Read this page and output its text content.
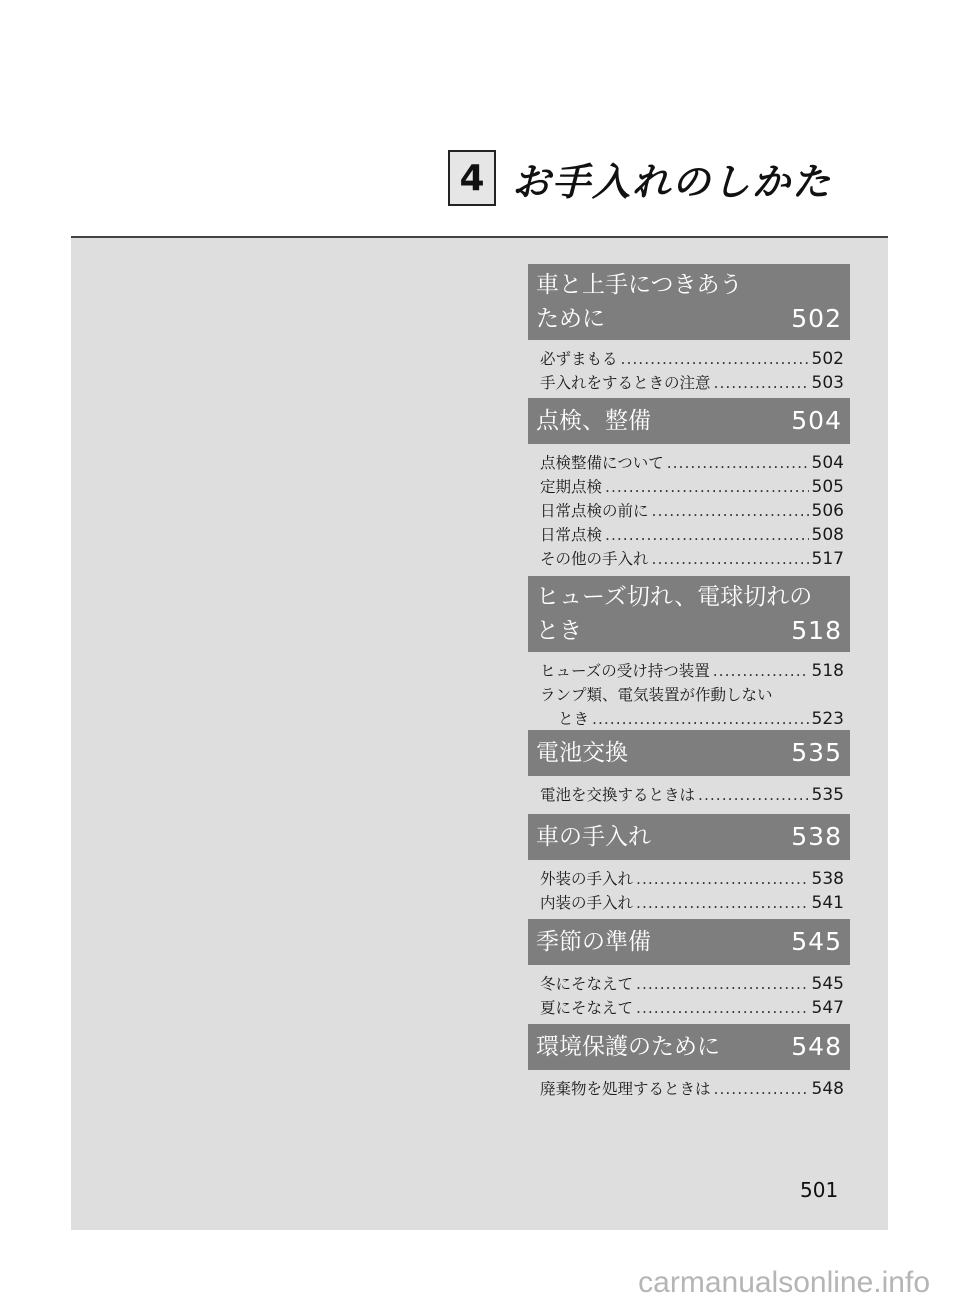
4 お手入れのしかた
車と上手につきあう
ために	502
必ずまもる .....	502
手入れをするときの注意 .....	503
点検、整備	504
点検整備について .....	504
定期点検 .....	505
日常点検の前に .....	506
日常点検 .....	508
その他の手入れ .....	517
ヒューズ切れ、電球切れの
とき	518
ヒューズの受け持つ装置 .....	518
ランプ類、電気装置が作動しない
とき .....	523
電池交換	535
電池を交換するときは .....	535
車の手入れ	538
外装の手入れ .....	538
内装の手入れ .....	541
季節の準備	545
冬にそなえて .....	545
夏にそなえて .....	547
環境保護のために	548
廃棄物を処理するときは .....	548
501
carmanualsonline.info
